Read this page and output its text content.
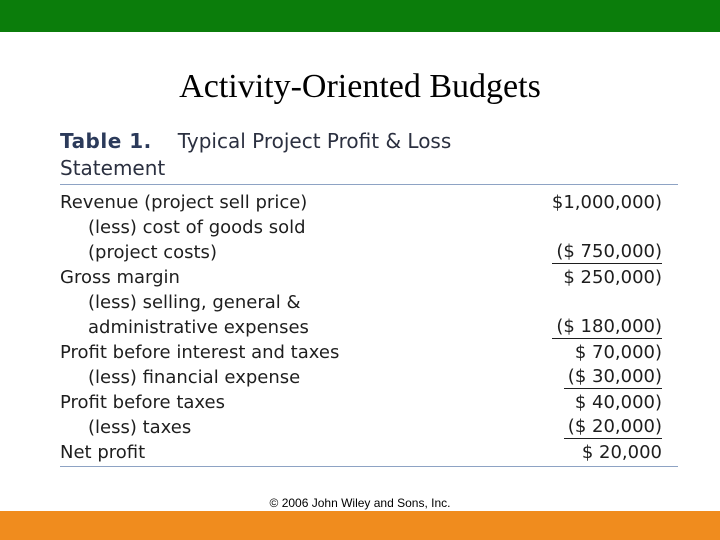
Activity-Oriented Budgets
Table 1. Typical Project Profit & Loss
Statement
Revenue (project sell price)	$1,000,000)
(less) cost of goods sold
(project costs)	($ 750,000)
Gross margin	$ 250,000)
(less) selling, general &
administrative expenses	($ 180,000)
Profit before interest and taxes	$ 70,000)
(less) financial expense	($ 30,000)
Profit before taxes	$ 40,000)
(less) taxes	($ 20,000)
Net profit	$ 20,000
© 2006 John Wiley and Sons, Inc.
